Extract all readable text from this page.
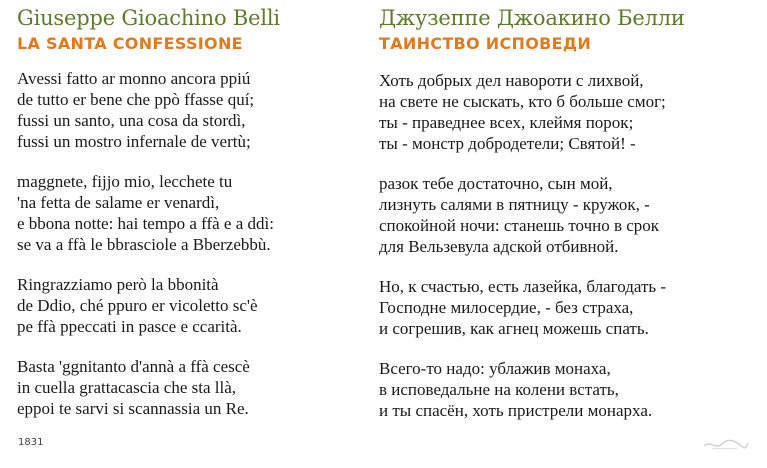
Giuseppe Gioachino Belli
LA SANTA CONFESSIONE
Avessi fatto ar monno ancora ppiú
de tutto er bene che ppò ffasse quí;
fussi un santo, una cosa da stordì,
fussi un mostro infernale de vertù;
maggnete, fijjo mio, lecchete tu
'na fetta de salame er venardì,
e bbona notte: hai tempo a ffà e a ddì:
se va a ffà le bbrasciole a Bberzebbù.
Ringrazziamo però la bbonità
de Ddio, ché ppuro er vicoletto sc'è
pe ffà ppeccati in pasce e ccarità.
Basta 'ggnitanto d'annà a ffà cescè
in cuella grattacascia che sta llà,
eppoi te sarvi si scannassia un Re.
Джузеппе Джоакино Белли
ТАИНСТВО ИСПОВЕДИ
Хоть добрых дел навороти с лихвой,
на свете не сыскать, кто б больше смог;
ты - праведнее всех, клеймя порок;
ты - монстр добродетели; Святой! -
разок тебе достаточно, сын мой,
лизнуть салями в пятницу - кружок, -
спокойной ночи: станешь точно в срок
для Вельзевула адской отбивной.
Но, к счастью, есть лазейка, благодать -
Господне милосердие, - без страха,
и согрешив, как агнец можешь спать.
Всего-то надо: ублажив монаха,
в исповедальне на колени встать,
и ты спасён, хоть пристрели монарха.
1831
